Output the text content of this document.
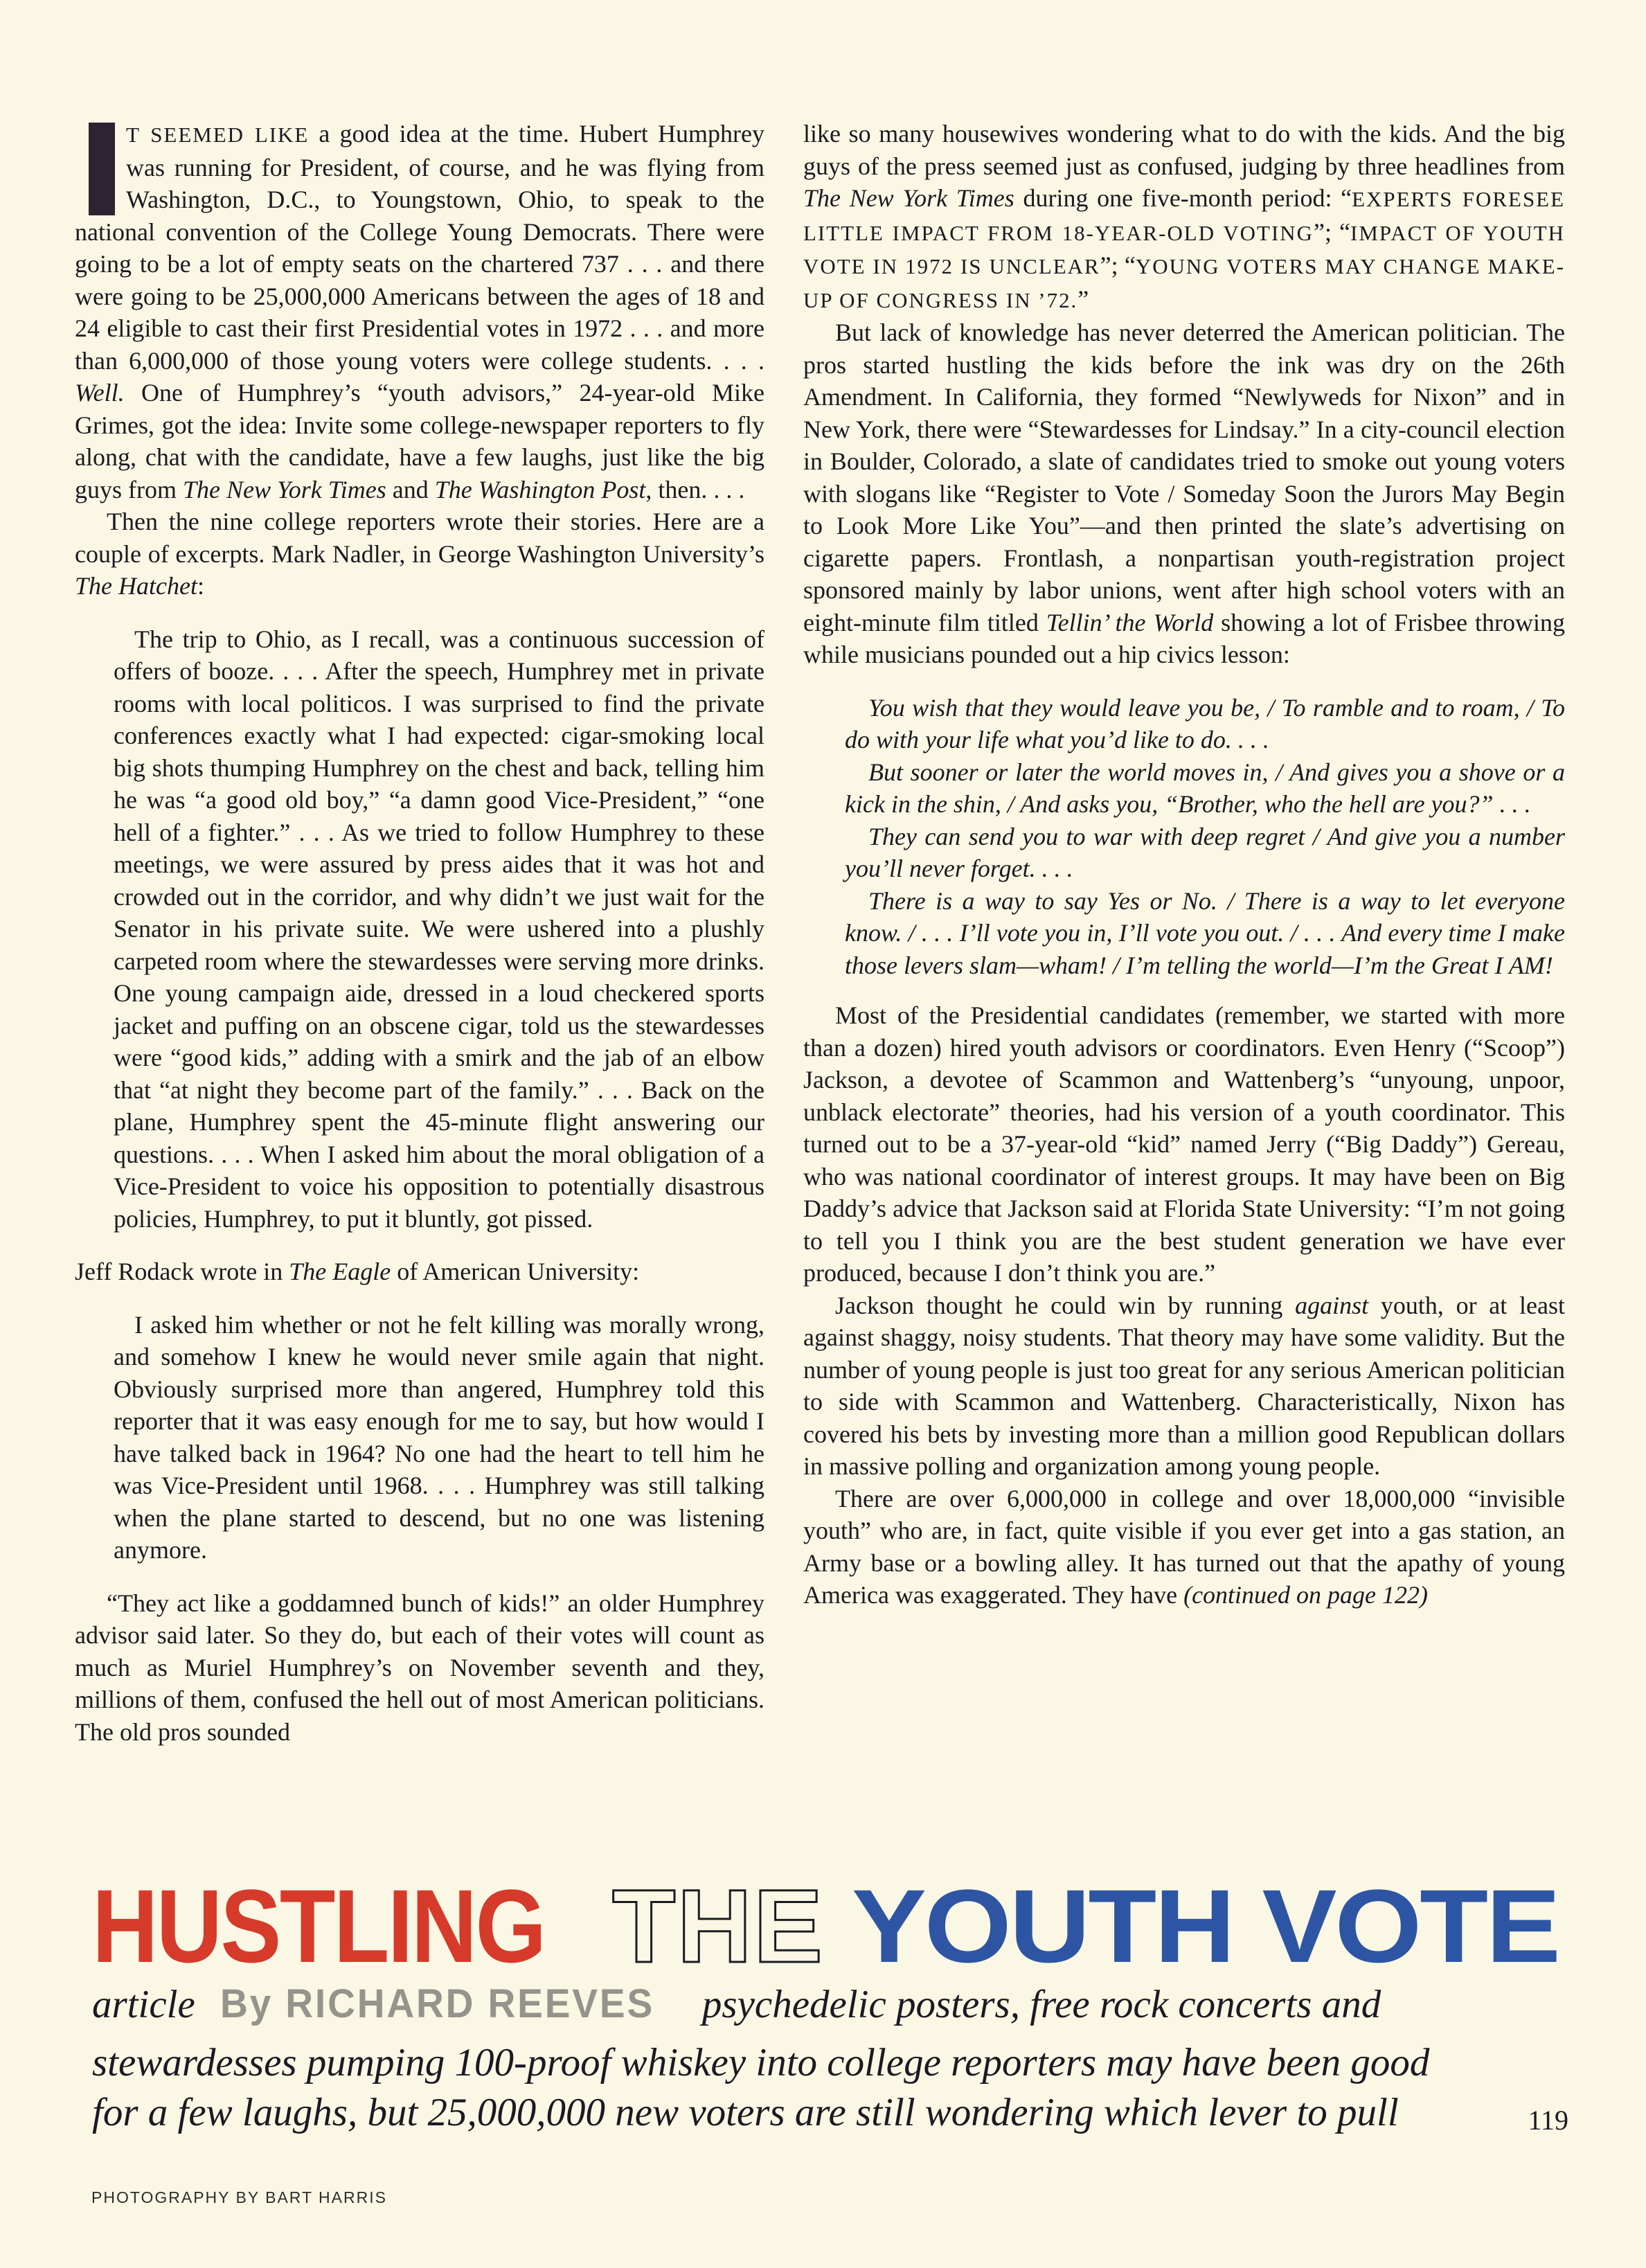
T SEEMED LIKE a good idea at the time. Hubert Humphrey was running for President, of course, and he was flying from Washington, D.C., to Youngstown, Ohio, to speak to the national convention of the College Young Democrats. There were going to be a lot of empty seats on the chartered 737 . . . and there were going to be 25,000,000 Americans between the ages of 18 and 24 eligible to cast their first Presidential votes in 1972 . . . and more than 6,000,000 of those young voters were college students. . . . Well. One of Humphrey’s “youth advisors,” 24-year-old Mike Grimes, got the idea: Invite some college-newspaper reporters to fly along, chat with the candidate, have a few laughs, just like the big guys from The New York Times and The Washington Post, then. . . .

Then the nine college reporters wrote their stories. Here are a couple of excerpts. Mark Nadler, in George Washington University’s The Hatchet:

The trip to Ohio, as I recall, was a continuous succession of offers of booze. . . . After the speech, Humphrey met in private rooms with local politicos. I was surprised to find the private conferences exactly what I had expected: cigar-smoking local big shots thumping Humphrey on the chest and back, telling him he was “a good old boy,” “a damn good Vice-President,” “one hell of a fighter.” . . . As we tried to follow Humphrey to these meetings, we were assured by press aides that it was hot and crowded out in the corridor, and why didn’t we just wait for the Senator in his private suite. We were ushered into a plushly carpeted room where the stewardesses were serving more drinks. One young campaign aide, dressed in a loud checkered sports jacket and puffing on an obscene cigar, told us the stewardesses were “good kids,” adding with a smirk and the jab of an elbow that “at night they become part of the family.” . . . Back on the plane, Humphrey spent the 45-minute flight answering our questions. . . . When I asked him about the moral obligation of a Vice-President to voice his opposition to potentially disastrous policies, Humphrey, to put it bluntly, got pissed.

Jeff Rodack wrote in The Eagle of American University:

I asked him whether or not he felt killing was morally wrong, and somehow I knew he would never smile again that night. Obviously surprised more than angered, Humphrey told this reporter that it was easy enough for me to say, but how would I have talked back in 1964? No one had the heart to tell him he was Vice-President until 1968. . . . Humphrey was still talking when the plane started to descend, but no one was listening anymore.

“They act like a goddamned bunch of kids!” an older Humphrey advisor said later. So they do, but each of their votes will count as much as Muriel Humphrey’s on November seventh and they, millions of them, confused the hell out of most American politicians. The old pros sounded

like so many housewives wondering what to do with the kids. And the big guys of the press seemed just as confused, judging by three headlines from The New York Times during one five-month period: “EXPERTS FORESEE LITTLE IMPACT FROM 18-YEAR-OLD VOTING”; “IMPACT OF YOUTH VOTE IN 1972 IS UNCLEAR”; “YOUNG VOTERS MAY CHANGE MAKE-UP OF CONGRESS IN ’72.”

But lack of knowledge has never deterred the American politician. The pros started hustling the kids before the ink was dry on the 26th Amendment. In California, they formed “Newlyweds for Nixon” and in New York, there were “Stewardesses for Lindsay.” In a city-council election in Boulder, Colorado, a slate of candidates tried to smoke out young voters with slogans like “Register to Vote / Someday Soon the Jurors May Begin to Look More Like You”—and then printed the slate’s advertising on cigarette papers. Frontlash, a nonpartisan youth-registration project sponsored mainly by labor unions, went after high school voters with an eight-minute film titled Tellin’ the World showing a lot of Frisbee throwing while musicians pounded out a hip civics lesson:

You wish that they would leave you be, / To ramble and to roam, / To do with your life what you’d like to do. . . .

But sooner or later the world moves in, / And gives you a shove or a kick in the shin, / And asks you, “Brother, who the hell are you?” . . .

They can send you to war with deep regret / And give you a number you’ll never forget. . . .

There is a way to say Yes or No. / There is a way to let everyone know. / . . . I’ll vote you in, I’ll vote you out. / . . . And every time I make those levers slam—wham! / I’m telling the world—I’m the Great I AM!

Most of the Presidential candidates (remember, we started with more than a dozen) hired youth advisors or coordinators. Even Henry (“Scoop”) Jackson, a devotee of Scammon and Wattenberg’s “unyoung, unpoor, unblack electorate” theories, had his version of a youth coordinator. This turned out to be a 37-year-old “kid” named Jerry (“Big Daddy”) Gereau, who was national coordinator of interest groups. It may have been on Big Daddy’s advice that Jackson said at Florida State University: “I’m not going to tell you I think you are the best student generation we have ever produced, because I don’t think you are.”

Jackson thought he could win by running against youth, or at least against shaggy, noisy students. That theory may have some validity. But the number of young people is just too great for any serious American politician to side with Scammon and Wattenberg. Characteristically, Nixon has covered his bets by investing more than a million good Republican dollars in massive polling and organization among young people.

There are over 6,000,000 in college and over 18,000,000 “invisible youth” who are, in fact, quite visible if you ever get into a gas station, an Army base or a bowling alley. It has turned out that the apathy of young America was exaggerated. They have (continued on page 122)

HUSTLING THE YOUTH VOTE
article By RICHARD REEVES psychedelic posters, free rock concerts and
stewardesses pumping 100-proof whiskey into college reporters may have been good
for a few laughs, but 25,000,000 new voters are still wondering which lever to pull	119
PHOTOGRAPHY BY BART HARRIS
